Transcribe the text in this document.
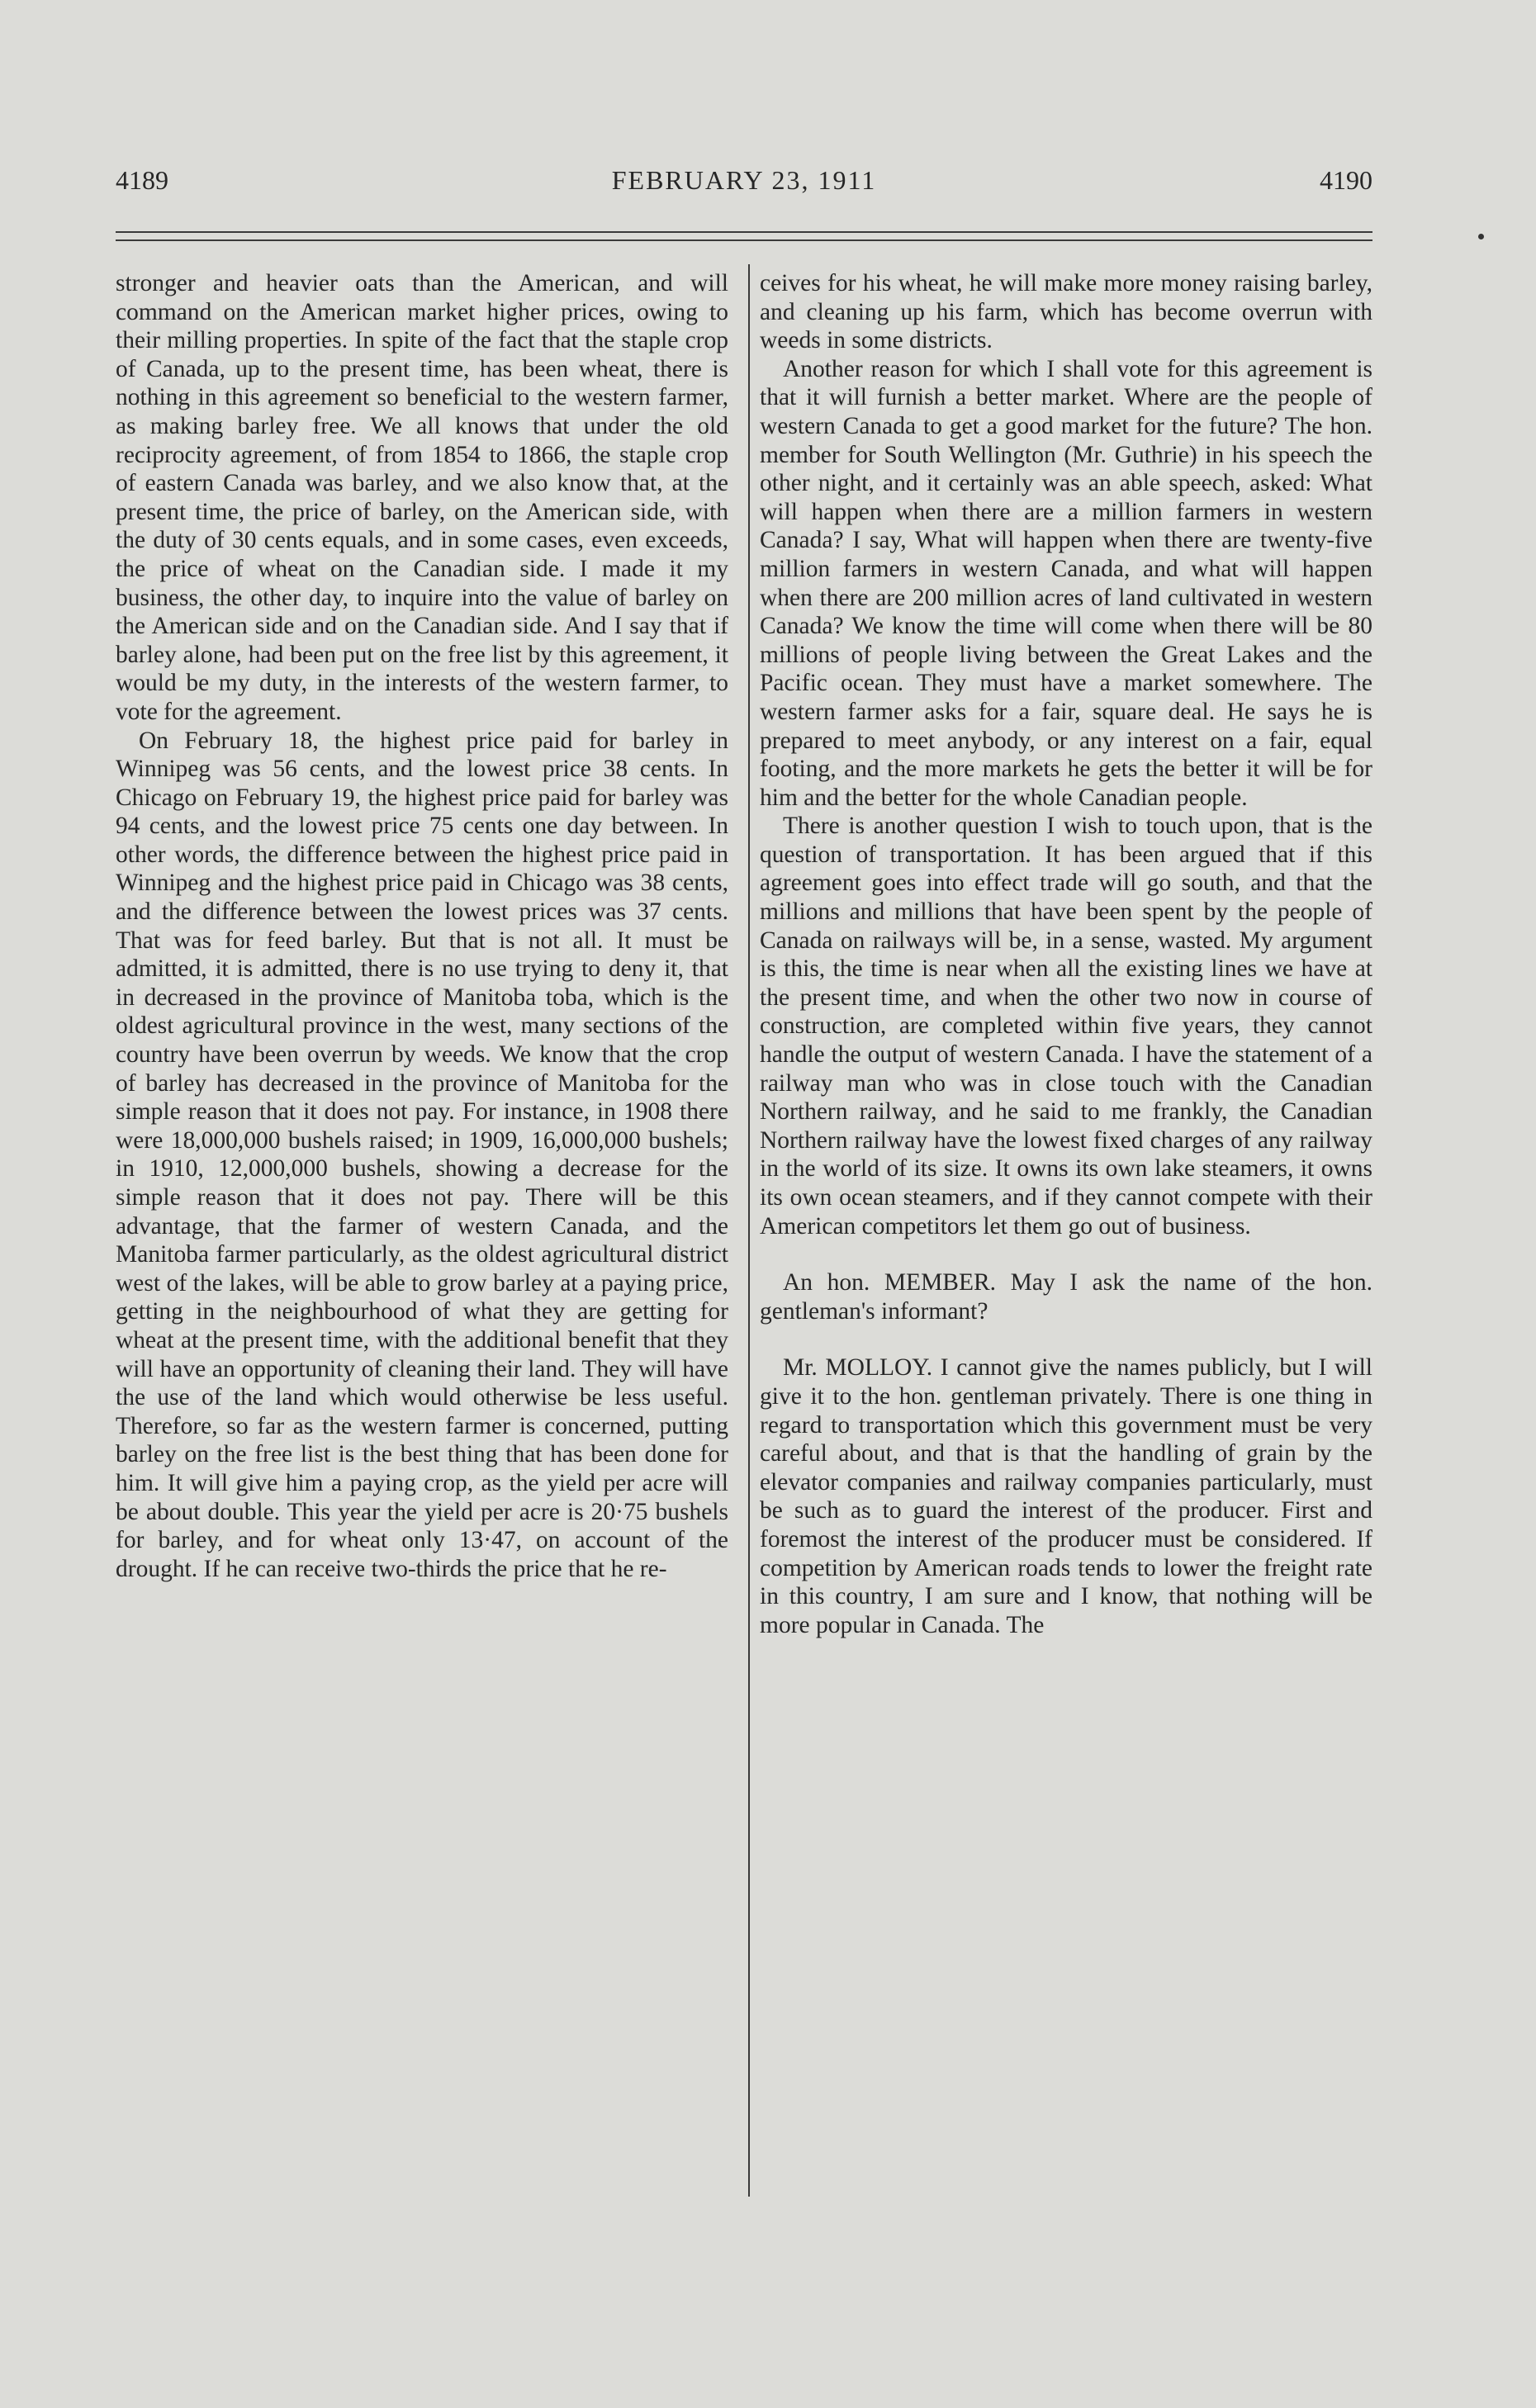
4189	FEBRUARY 23, 1911	4190

stronger and heavier oats than the American, and will command on the American market higher prices, owing to their milling properties. In spite of the fact that the staple crop of Canada, up to the present time, has been wheat, there is nothing in this agreement so beneficial to the western farmer, as making barley free. We all knows that under the old reciprocity agreement, of from 1854 to 1866, the staple crop of eastern Canada was barley, and we also know that, at the present time, the price of barley, on the American side, with the duty of 30 cents equals, and in some cases, even exceeds, the price of wheat on the Canadian side. I made it my business, the other day, to inquire into the value of barley on the American side and on the Canadian side. And I say that if barley alone, had been put on the free list by this agreement, it would be my duty, in the interests of the western farmer, to vote for the agreement.

On February 18, the highest price paid for barley in Winnipeg was 56 cents, and the lowest price 38 cents. In Chicago on February 19, the highest price paid for barley was 94 cents, and the lowest price 75 cents one day between. In other words, the difference between the highest price paid in Winnipeg and the highest price paid in Chicago was 38 cents, and the difference between the lowest prices was 37 cents. That was for feed barley. But that is not all. It must be admitted, it is admitted, there is no use trying to deny it, that in decreased in the province of Manitoba toba, which is the oldest agricultural province in the west, many sections of the country have been overrun by weeds. We know that the crop of barley has decreased in the province of Manitoba for the simple reason that it does not pay. For instance, in 1908 there were 18,000,000 bushels raised; in 1909, 16,000,000 bushels; in 1910, 12,000,000 bushels, showing a decrease for the simple reason that it does not pay. There will be this advantage, that the farmer of western Canada, and the Manitoba farmer particularly, as the oldest agricultural district west of the lakes, will be able to grow barley at a paying price, getting in the neighbourhood of what they are getting for wheat at the present time, with the additional benefit that they will have an opportunity of cleaning their land. They will have the use of the land which would otherwise be less useful. Therefore, so far as the western farmer is concerned, putting barley on the free list is the best thing that has been done for him. It will give him a paying crop, as the yield per acre will be about double. This year the yield per acre is 20·75 bushels for barley, and for wheat only 13·47, on account of the drought. If he can receive two-thirds the price that he re-

ceives for his wheat, he will make more money raising barley, and cleaning up his farm, which has become overrun with weeds in some districts.

Another reason for which I shall vote for this agreement is that it will furnish a better market. Where are the people of western Canada to get a good market for the future? The hon. member for South Wellington (Mr. Guthrie) in his speech the other night, and it certainly was an able speech, asked: What will happen when there are a million farmers in western Canada? I say, What will happen when there are twenty-five million farmers in western Canada, and what will happen when there are 200 million acres of land cultivated in western Canada? We know the time will come when there will be 80 millions of people living between the Great Lakes and the Pacific ocean. They must have a market somewhere. The western farmer asks for a fair, square deal. He says he is prepared to meet anybody, or any interest on a fair, equal footing, and the more markets he gets the better it will be for him and the better for the whole Canadian people.

There is another question I wish to touch upon, that is the question of transportation. It has been argued that if this agreement goes into effect trade will go south, and that the millions and millions that have been spent by the people of Canada on railways will be, in a sense, wasted. My argument is this, the time is near when all the existing lines we have at the present time, and when the other two now in course of construction, are completed within five years, they cannot handle the output of western Canada. I have the statement of a railway man who was in close touch with the Canadian Northern railway, and he said to me frankly, the Canadian Northern railway have the lowest fixed charges of any railway in the world of its size. It owns its own lake steamers, it owns its own ocean steamers, and if they cannot compete with their American competitors let them go out of business.

An hon. MEMBER. May I ask the name of the hon. gentleman's informant?

Mr. MOLLOY. I cannot give the names publicly, but I will give it to the hon. gentleman privately. There is one thing in regard to transportation which this government must be very careful about, and that is that the handling of grain by the elevator companies and railway companies particularly, must be such as to guard the interest of the producer. First and foremost the interest of the producer must be considered. If competition by American roads tends to lower the freight rate in this country, I am sure and I know, that nothing will be more popular in Canada. The
